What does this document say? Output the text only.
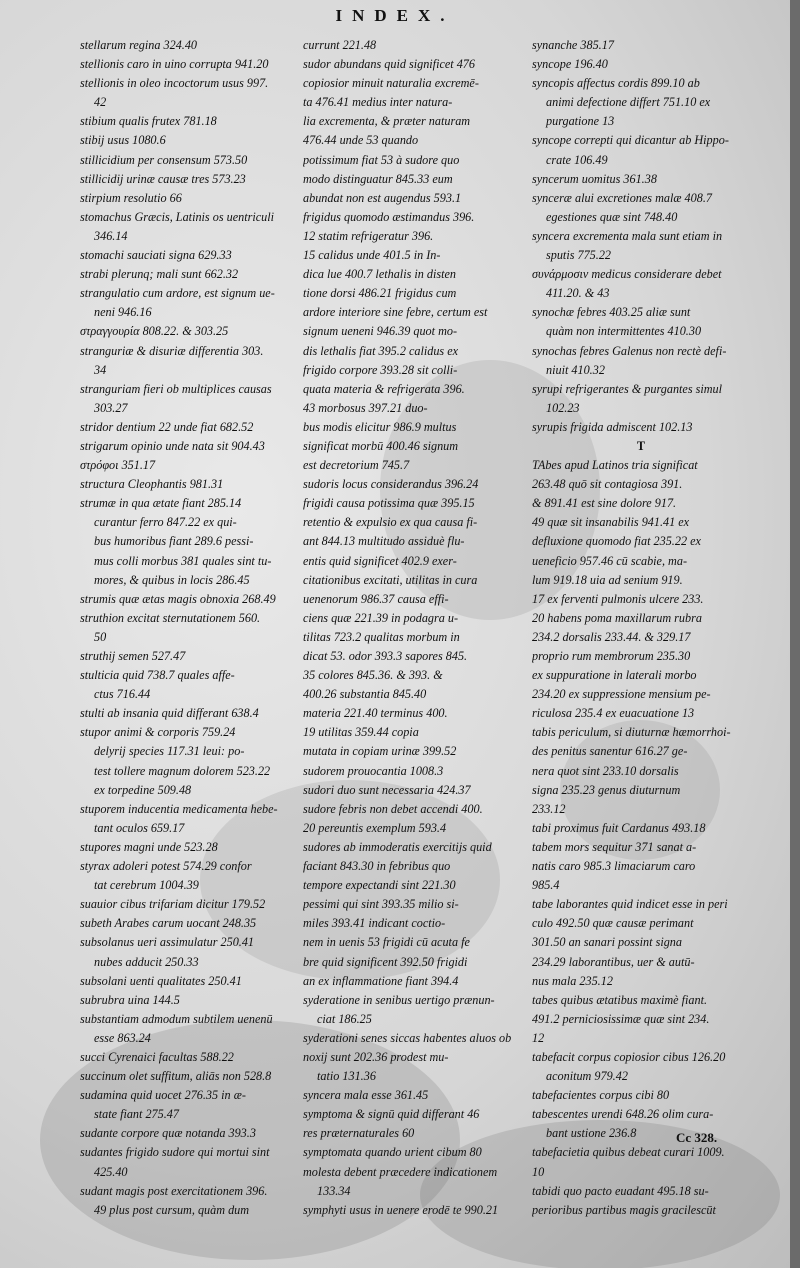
INDEX.
stellarum regina 324.40
stellionis caro in uino corrupta 941.20
stellionis in oleo incoctorum usus 997.
42
stibium qualis frutex 781.18
stibij usus 1080.6
stillicidium per consensum 573.50
stillicidij urinæ causæ tres 573.23
stirpium resolutio 66
stomachus Græcis, Latinis os uentriculi
346.14
stomachi sauciati signa 629.33
strabi plerunq; mali sunt 662.32
strangulatio cum ardore, est signum ue-
neni 946.16
στραγγουρία 808.22. & 303.25
stranguriæ & disuriæ differentia 303.
34
stranguriam fieri ob multiplices causas
303.27
stridor dentium 22 unde fiat 682.52
strigarum opinio unde nata sit 904.43
στρόφοι 351.17
structura Cleophantis 981.31
strumæ in qua ætate fiant 285.14
curantur ferro 847.22 ex qui-
bus humoribus fiant 289.6 pessi-
mus colli morbus 381 quales sint tu-
mores, & quibus in locis 286.45
strumis quæ ætas magis obnoxia 268.49
struthion excitat sternutationem 560.
50
struthij semen 527.47
stulticia quid 738.7 quales affe-
ctus 716.44
stulti ab insania quid differant 638.4
stupor animi & corporis 759.24
delyrij species 117.31 leui: po-
test tollere magnum dolorem 523.22
ex torpedine 509.48
stuporem inducentia medicamenta hebe-
tant oculos 659.17
stupores magni unde 523.28
styrax adoleri potest 574.29 confor
tat cerebrum 1004.39
suauior cibus trifariam dicitur 179.52
subeth Arabes carum uocant 248.35
subsolanus ueri assimulatur 250.41
nubes adducit 250.33
subsolani uenti qualitates 250.41
subrubra uina 144.5
substantiam admodum subtilem uenenū
esse 863.24
succi Cyrenaici facultas 588.22
succinum olet suffitum, aliās non 528.8
sudamina quid uocet 276.35 in æ-
state fiant 275.47
sudante corpore quæ notanda 393.3
sudantes frigido sudore qui mortui sint
425.40
sudant magis post exercitationem 396.
49 plus post cursum, quàm dum
currunt 221.48
sudor abundans quid significet 476
copiosior minuit naturalia excremē-
ta 476.41 medius inter natura-
lia excrementa, & præter naturam
476.44 unde 53 quando
potissimum fiat 53 à sudore quo
modo distinguatur 845.33 eum
abundat non est augendus 593.1
frigidus quomodo æstimandus 396.
12 statim refrigeratur 396.
15 calidus unde 401.5 in In-
dica lue 400.7 lethalis in disten
tione dorsi 486.21 frigidus cum
ardore interiore sine febre, certum est
signum ueneni 946.39 quot mo-
dis lethalis fiat 395.2 calidus ex
frigido corpore 393.28 sit colli-
quata materia & refrigerata 396.
43 morbosus 397.21 duo-
bus modis elicitur 986.9 multus
significat morbū 400.46 signum
est decretorium 745.7
sudoris locus considerandus 396.24
frigidi causa potissima quæ 395.15
retentio & expulsio ex qua causa fi-
ant 844.13 multitudo assiduè flu-
entis quid significet 402.9 exer-
citationibus excitati, utilitas in cura
uenenorum 986.37 causa effi-
ciens quæ 221.39 in podagra u-
tilitas 723.2 qualitas morbum in
dicat 53. odor 393.3 sapores 845.
35 colores 845.36. & 393. &
400.26 substantia 845.40
materia 221.40 terminus 400.
19 utilitas 359.44 copia
mutata in copiam urinæ 399.52
sudorem prouocantia 1008.3
sudori duo sunt necessaria 424.37
sudore febris non debet accendi 400.
20 pereuntis exemplum 593.4
sudores ab immoderatis exercitijs quid
faciant 843.30 in febribus quo
tempore expectandi sint 221.30
pessimi qui sint 393.35 milio si-
miles 393.41 indicant coctio-
nem in uenis 53 frigidi cū acuta fe
bre quid significent 392.50 frigidi
an ex inflammatione fiant 394.4
syderatione in senibus uertigo prænun-
ciat 186.25
syderationi senes siccas habentes aluos ob
noxij sunt 202.36 prodest mu-
tatio 131.36
syncera mala esse 361.45
symptoma & signū quid differant 46
res præternaturales 60
symptomata quando urient cibum 80
molesta debent præcedere indicationem
133.34
symphyti usus in uenere erodē te 990.21
synanche 385.17
syncope 196.40
syncopis affectus cordis 899.10 ab
animi defectione differt 751.10 ex
purgatione 13
syncope correpti qui dicantur ab Hippo-
crate 106.49
syncerum uomitus 361.38
synceræ alui excretiones malæ 408.7
egestiones quæ sint 748.40
syncera excrementa mala sunt etiam in
sputis 775.22
συνάρμοσιν medicus considerare debet
411.20. & 43
synochæ febres 403.25 aliæ sunt
quàm non intermittentes 410.30
synochas febres Galenus non rectè defi-
niuit 410.32
syrupi refrigerantes & purgantes simul
102.23
syrupis frigida admiscent 102.13
T
TAbes apud Latinos tria significat
263.48 quō sit contagiosa 391.
& 891.41 est sine dolore 917.
49 quæ sit insanabilis 941.41 ex
defluxione quomodo fiat 235.22 ex
ueneficio 957.46 cū scabie, ma-
lum 919.18 uia ad senium 919.
17 ex ferventi pulmonis ulcere 233.
20 habens poma maxillarum rubra
234.2 dorsalis 233.44. & 329.17
proprio rum membrorum 235.30
ex suppuratione in laterali morbo
234.20 ex suppressione mensium pe-
riculosa 235.4 ex euacuatione 13
tabis periculum, si diuturnæ hæmorrhoi-
des penitus sanentur 616.27 ge-
nera quot sint 233.10 dorsalis
signa 235.23 genus diuturnum
233.12
tabi proximus fuit Cardanus 493.18
tabem mors sequitur 371 sanat a-
natis caro 985.3 limaciarum caro
985.4
tabe laborantes quid indicet esse in peri
culo 492.50 quæ causæ perimant
301.50 an sanari possint signa
234.29 laborantibus, uer & autū-
nus mala 235.12
tabes quibus ætatibus maximè fiant.
491.2 perniciosissimæ quæ sint 234.
12
tabefacit corpus copiosior cibus 126.20
aconitum 979.42
tabefacientes corpus cibi 80
tabescentes urendi 648.26 olim cura-
bant ustione 236.8
tabefacietia quibus debeat curari 1009.
10
tabidi quo pacto euadant 495.18 su-
perioribus partibus magis gracilescūt
Cc 328.
